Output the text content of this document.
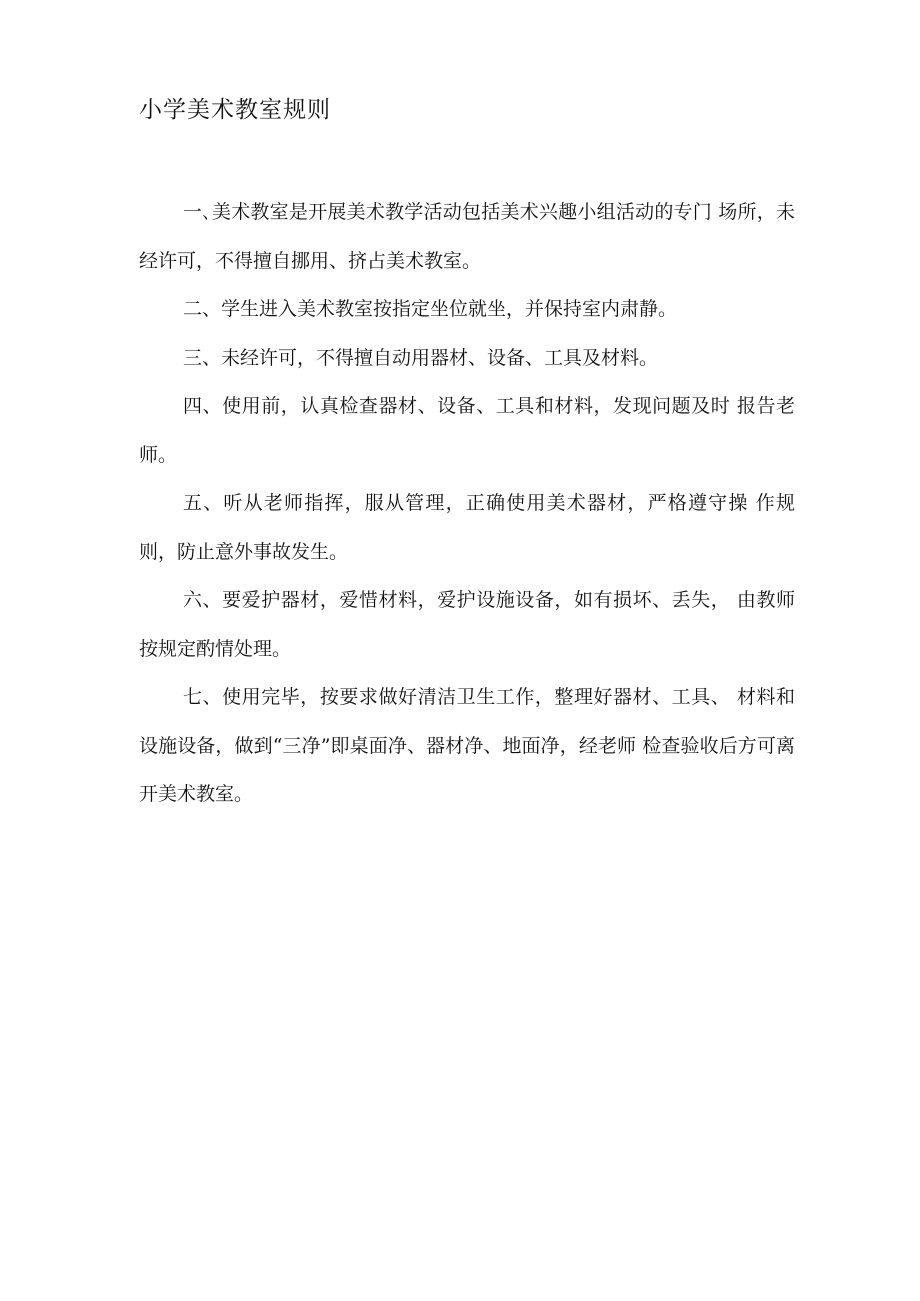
小学美术教室规则
一､美术教室是开展美术教学活动包括美术兴趣小组活动的专门 场所，未经许可，不得擅自挪用、挤占美术教室。
二、学生进入美术教室按指定坐位就坐，并保持室内肃静。
三、未经许可，不得擅自动用器材、设备、工具及材料。
四、使用前，认真检查器材、设备、工具和材料，发现问题及时 报告老师。
五、听从老师指挥，服从管理，正确使用美术器材，严格遵守操 作规则，防止意外事故发生。
六、要爱护器材，爱惜材料，爱护设施设备，如有损坏、丢失， 由教师按规定酌情处理。
七、使用完毕，按要求做好清洁卫生工作，整理好器材、工具、 材料和设施设备，做到“三净”即桌面净、器材净、地面净，经老师 检查验收后方可离开美术教室。
